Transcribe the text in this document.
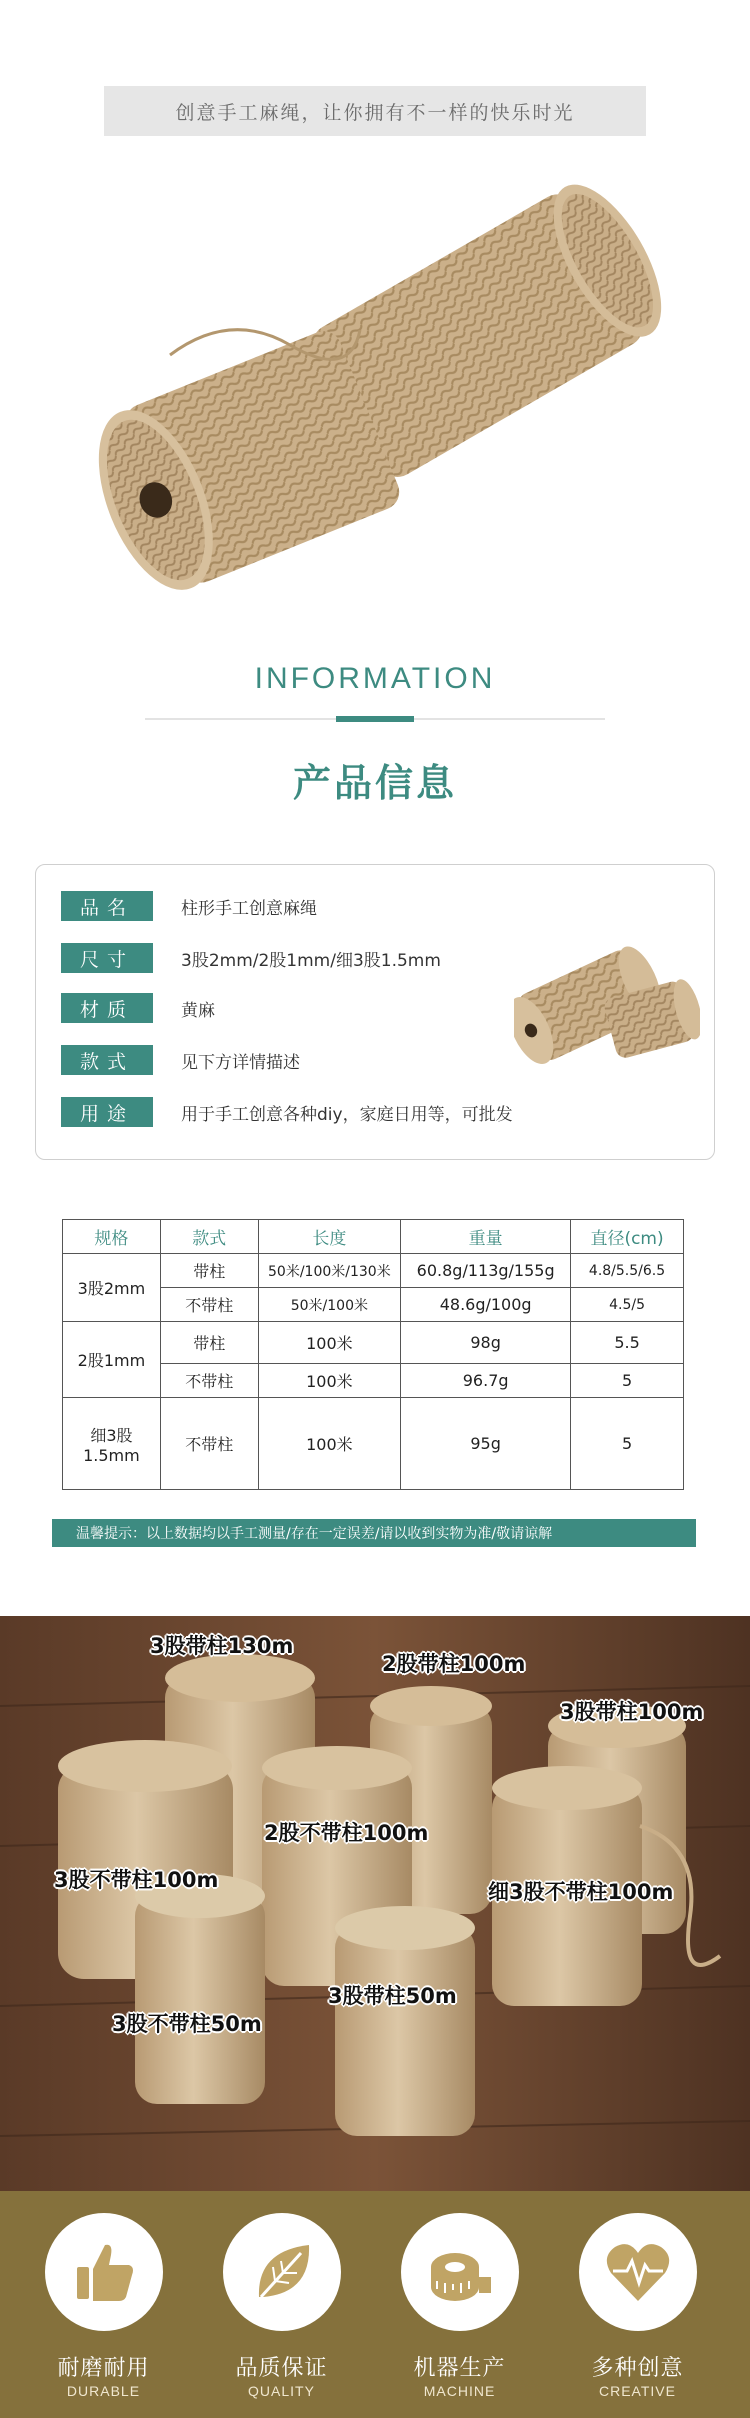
创意手工麻绳，让你拥有不一样的快乐时光
INFORMATION
产品信息
品名	柱形手工创意麻绳
尺寸	3股2mm/2股1mm/细3股1.5mm
材质	黄麻
款式	见下方详情描述
用途	用于手工创意各种diy，家庭日用等，可批发
规格	款式	长度	重量	直径(cm)
3股2mm	带柱	50米/100米/130米	60.8g/113g/155g	4.8/5.5/6.5
	不带柱	50米/100米	48.6g/100g	4.5/5
2股1mm	带柱	100米	98g	5.5
	不带柱	100米	96.7g	5
细3股
1.5mm	不带柱	100米	95g	5
温馨提示：以上数据均以手工测量/存在一定误差/请以收到实物为准/敬请谅解
3股带柱130m
2股带柱100m
3股带柱100m
2股不带柱100m
3股不带柱100m	细3股不带柱100m
3股带柱50m
3股不带柱50m
耐磨耐用
DURABLE
品质保证
QUALITY
机器生产
MACHINE
多种创意
CREATIVE
